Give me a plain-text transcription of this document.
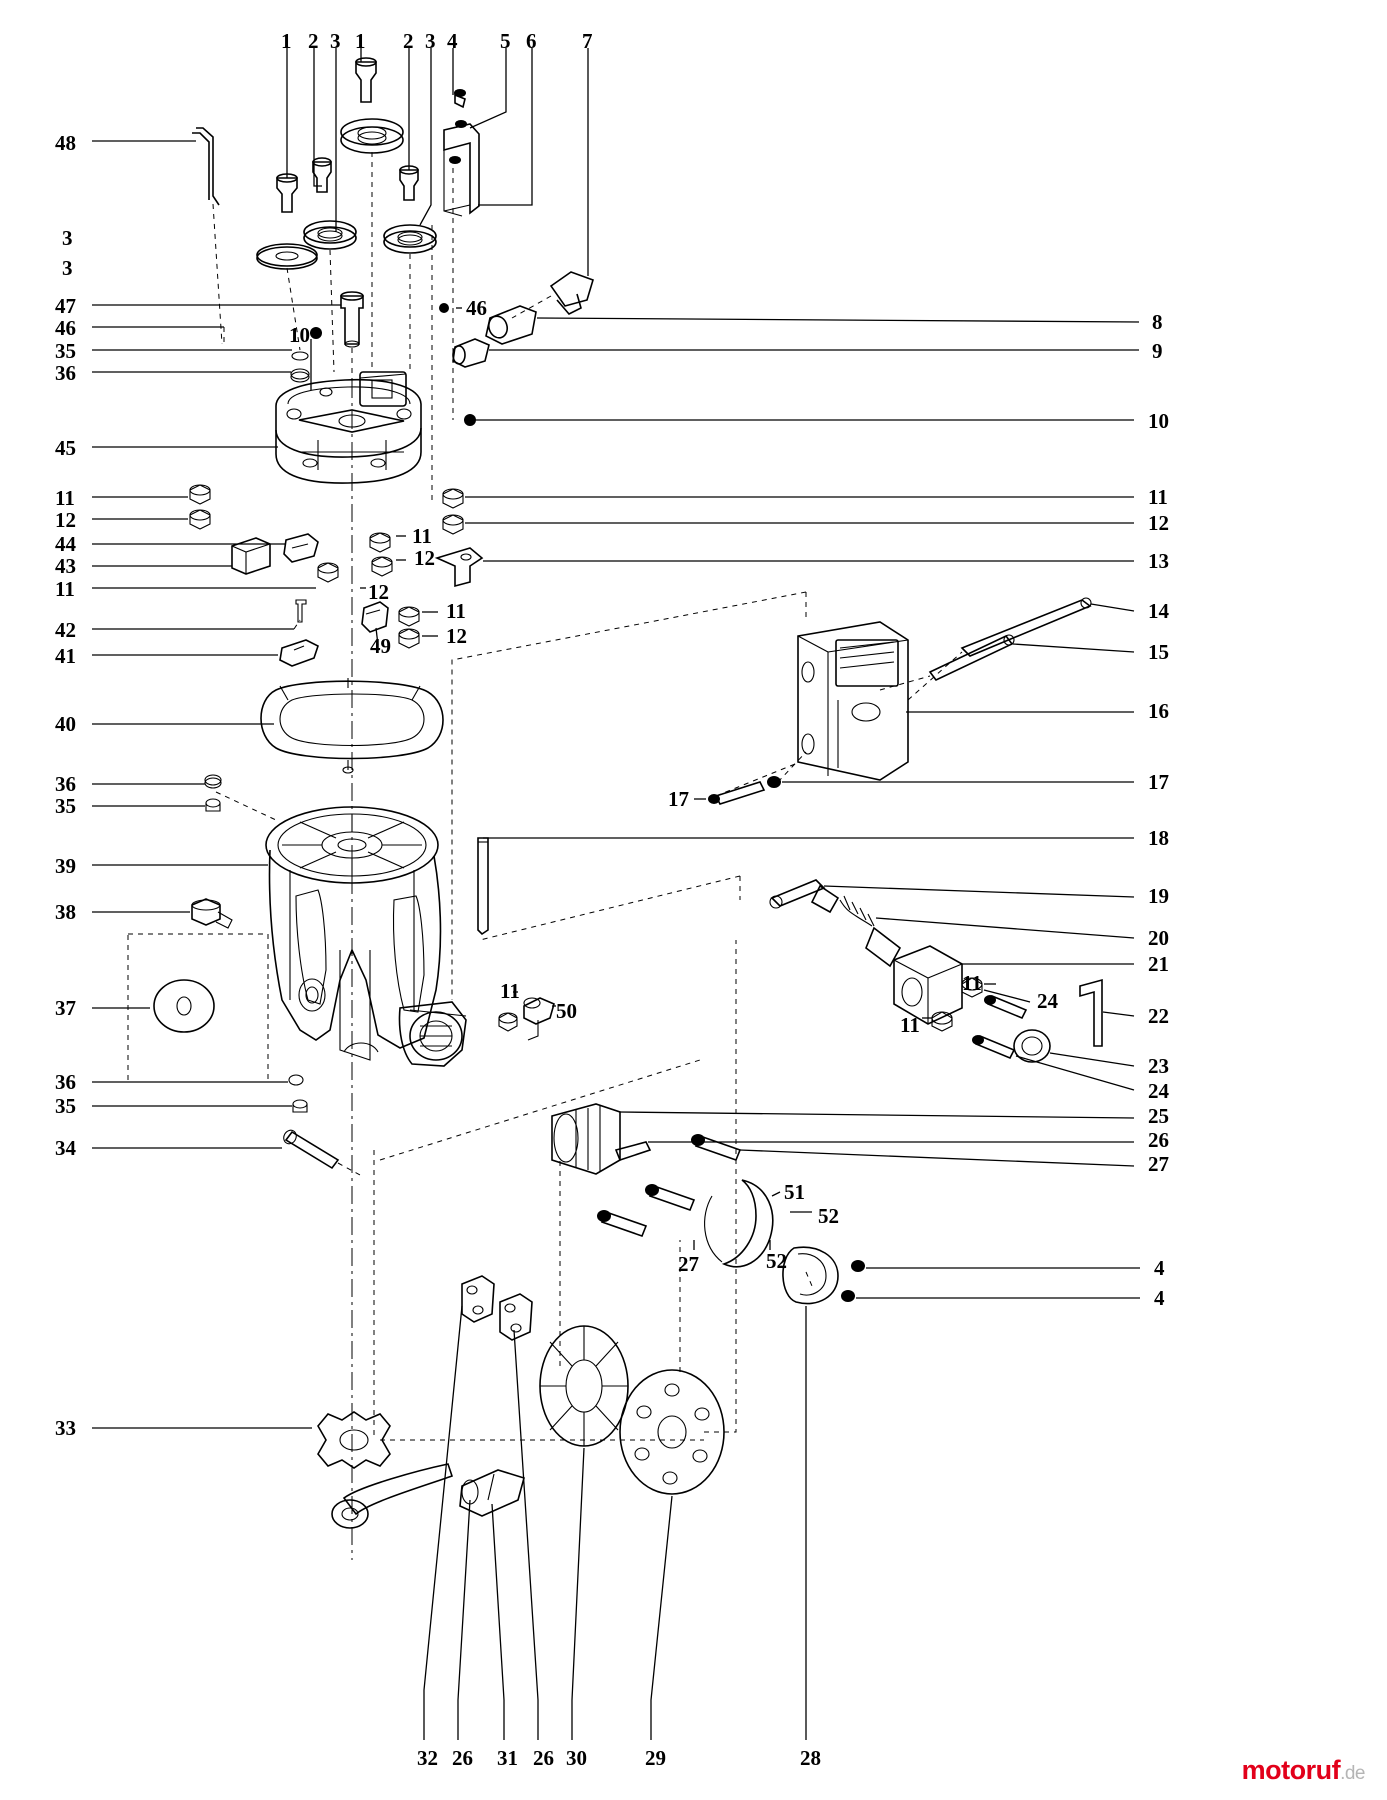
1 2 3 1 2 3 4 5 6 7
48
3
3
47
46
35
36
45
11
12
44
43
11
42
41
40
36
35
39
38
37
36
35
34
33
8
9
10
11
12
13
14
15
16
17
18
19
20
21
22
23
24
25
26
27
4
4
46
10
11
12
12
11
12
49
17
11
50
11
24
11
51
52
27	52
32 26 31 26 30	29	28	motoruf.de
